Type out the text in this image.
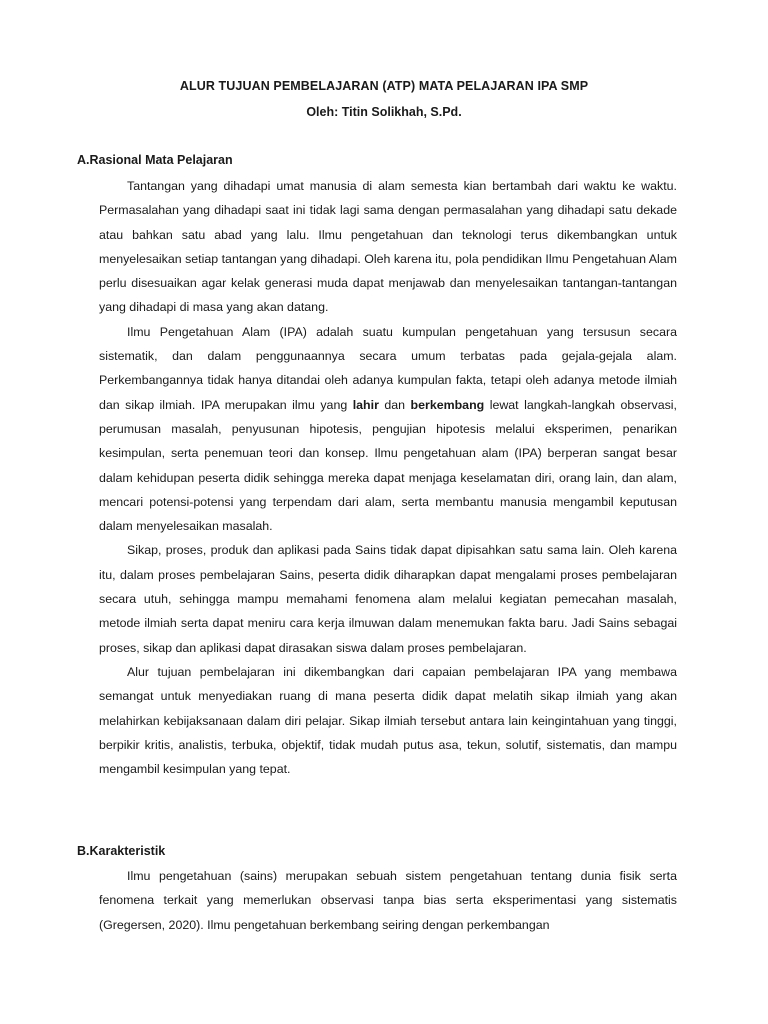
ALUR TUJUAN PEMBELAJARAN (ATP) MATA PELAJARAN IPA SMP
Oleh: Titin Solikhah, S.Pd.
A.Rasional Mata Pelajaran

Tantangan yang dihadapi umat manusia di alam semesta kian bertambah dari waktu ke waktu. Permasalahan yang dihadapi saat ini tidak lagi sama dengan permasalahan yang dihadapi satu dekade atau bahkan satu abad yang lalu. Ilmu pengetahuan dan teknologi terus dikembangkan untuk menyelesaikan setiap tantangan yang dihadapi. Oleh karena itu, pola pendidikan Ilmu Pengetahuan Alam perlu disesuaikan agar kelak generasi muda dapat menjawab dan menyelesaikan tantangan-tantangan yang dihadapi di masa yang akan datang.

Ilmu Pengetahuan Alam (IPA) adalah suatu kumpulan pengetahuan yang tersusun secara sistematik, dan dalam penggunaannya secara umum terbatas pada gejala-gejala alam. Perkembangannya tidak hanya ditandai oleh adanya kumpulan fakta, tetapi oleh adanya metode ilmiah dan sikap ilmiah. IPA merupakan ilmu yang lahir dan berkembang lewat langkah-langkah observasi, perumusan masalah, penyusunan hipotesis, pengujian hipotesis melalui eksperimen, penarikan kesimpulan, serta penemuan teori dan konsep. Ilmu pengetahuan alam (IPA) berperan sangat besar dalam kehidupan peserta didik sehingga mereka dapat menjaga keselamatan diri, orang lain, dan alam, mencari potensi-potensi yang terpendam dari alam, serta membantu manusia mengambil keputusan dalam menyelesaikan masalah.

Sikap, proses, produk dan aplikasi pada Sains tidak dapat dipisahkan satu sama lain. Oleh karena itu, dalam proses pembelajaran Sains, peserta didik diharapkan dapat mengalami proses pembelajaran secara utuh, sehingga mampu memahami fenomena alam melalui kegiatan pemecahan masalah, metode ilmiah serta dapat meniru cara kerja ilmuwan dalam menemukan fakta baru. Jadi Sains sebagai proses, sikap dan aplikasi dapat dirasakan siswa dalam proses pembelajaran.

Alur tujuan pembelajaran ini dikembangkan dari capaian pembelajaran IPA yang membawa semangat untuk menyediakan ruang di mana peserta didik dapat melatih sikap ilmiah yang akan melahirkan kebijaksanaan dalam diri pelajar. Sikap ilmiah tersebut antara lain keingintahuan yang tinggi, berpikir kritis, analistis, terbuka, objektif, tidak mudah putus asa, tekun, solutif, sistematis, dan mampu mengambil kesimpulan yang tepat.

B.Karakteristik

Ilmu pengetahuan (sains) merupakan sebuah sistem pengetahuan tentang dunia fisik serta fenomena terkait yang memerlukan observasi tanpa bias serta eksperimentasi yang sistematis (Gregersen, 2020). Ilmu pengetahuan berkembang seiring dengan perkembangan
